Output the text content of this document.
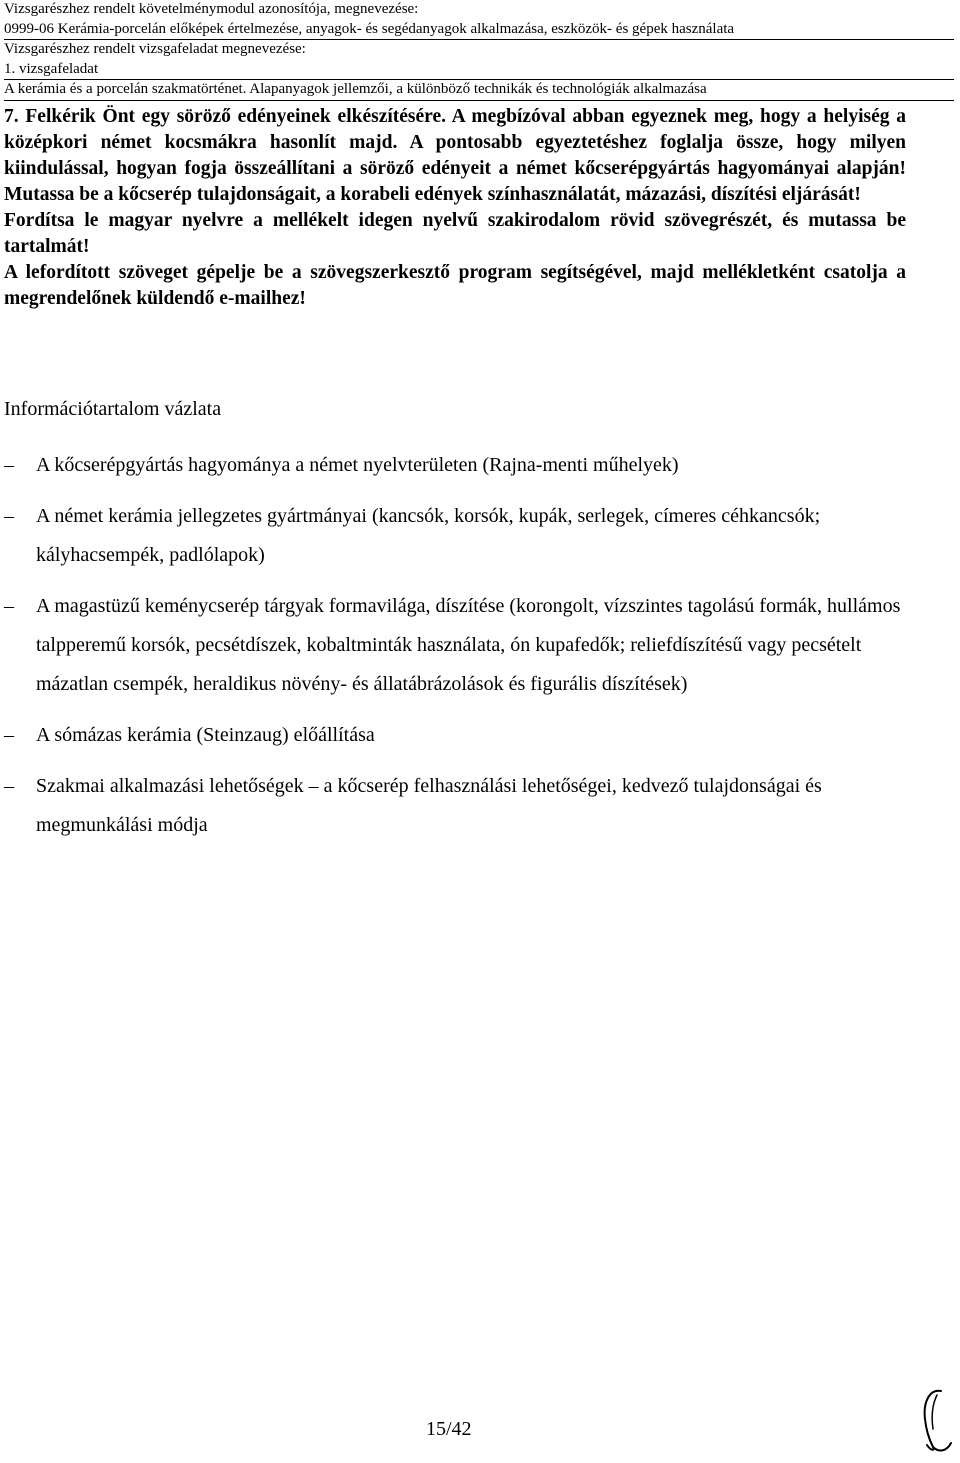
Vizsgarészhez rendelt követelménymodul azonosítója, megnevezése:
0999-06 Kerámia-porcelán előképek értelmezése, anyagok- és segédanyagok alkalmazása, eszközök- és gépek használata
Vizsgarészhez rendelt vizsgafeladat megnevezése:
1. vizsgafeladat
A kerámia és a porcelán szakmatörténet. Alapanyagok jellemzői, a különböző technikák és technológiák alkalmazása

7. Felkérik Önt egy söröző edényeinek elkészítésére. A megbízóval abban egyeznek meg, hogy a helyiség a középkori német kocsmákra hasonlít majd. A pontosabb egyeztetéshez foglalja össze, hogy milyen kiindulással, hogyan fogja összeállítani a söröző edényeit a német kőcserépgyártás hagyományai alapján! Mutassa be a kőcserép tulajdonságait, a korabeli edények színhasználatát, mázazási, díszítési eljárását!

Fordítsa le magyar nyelvre a mellékelt idegen nyelvű szakirodalom rövid szövegrészét, és mutassa be tartalmát!

A lefordított szöveget gépelje be a szövegszerkesztő program segítségével, majd mellékletként csatolja a megrendelőnek küldendő e-mailhez!

Információtartalom vázlata
–	A kőcserépgyártás hagyománya a német nyelvterületen (Rajna-menti műhelyek)
–	A német kerámia jellegzetes gyártmányai (kancsók, korsók, kupák, serlegek, címeres céhkancsók; kályhacsempék, padlólapok)
–	A magastüzű keménycserép tárgyak formavilága, díszítése (korongolt, vízszintes tagolású formák, hullámos talpperemű korsók, pecsétdíszek, kobaltminták használata, ón kupafedők; reliefdíszítésű vagy pecsételt mázatlan csempék, heraldikus növény- és állatábrázolások és figurális díszítések)
–	A sómázas kerámia (Steinzaug) előállítása
–	Szakmai alkalmazási lehetőségek – a kőcserép felhasználási lehetőségei, kedvező tulajdonságai és megmunkálási módja
15/42
